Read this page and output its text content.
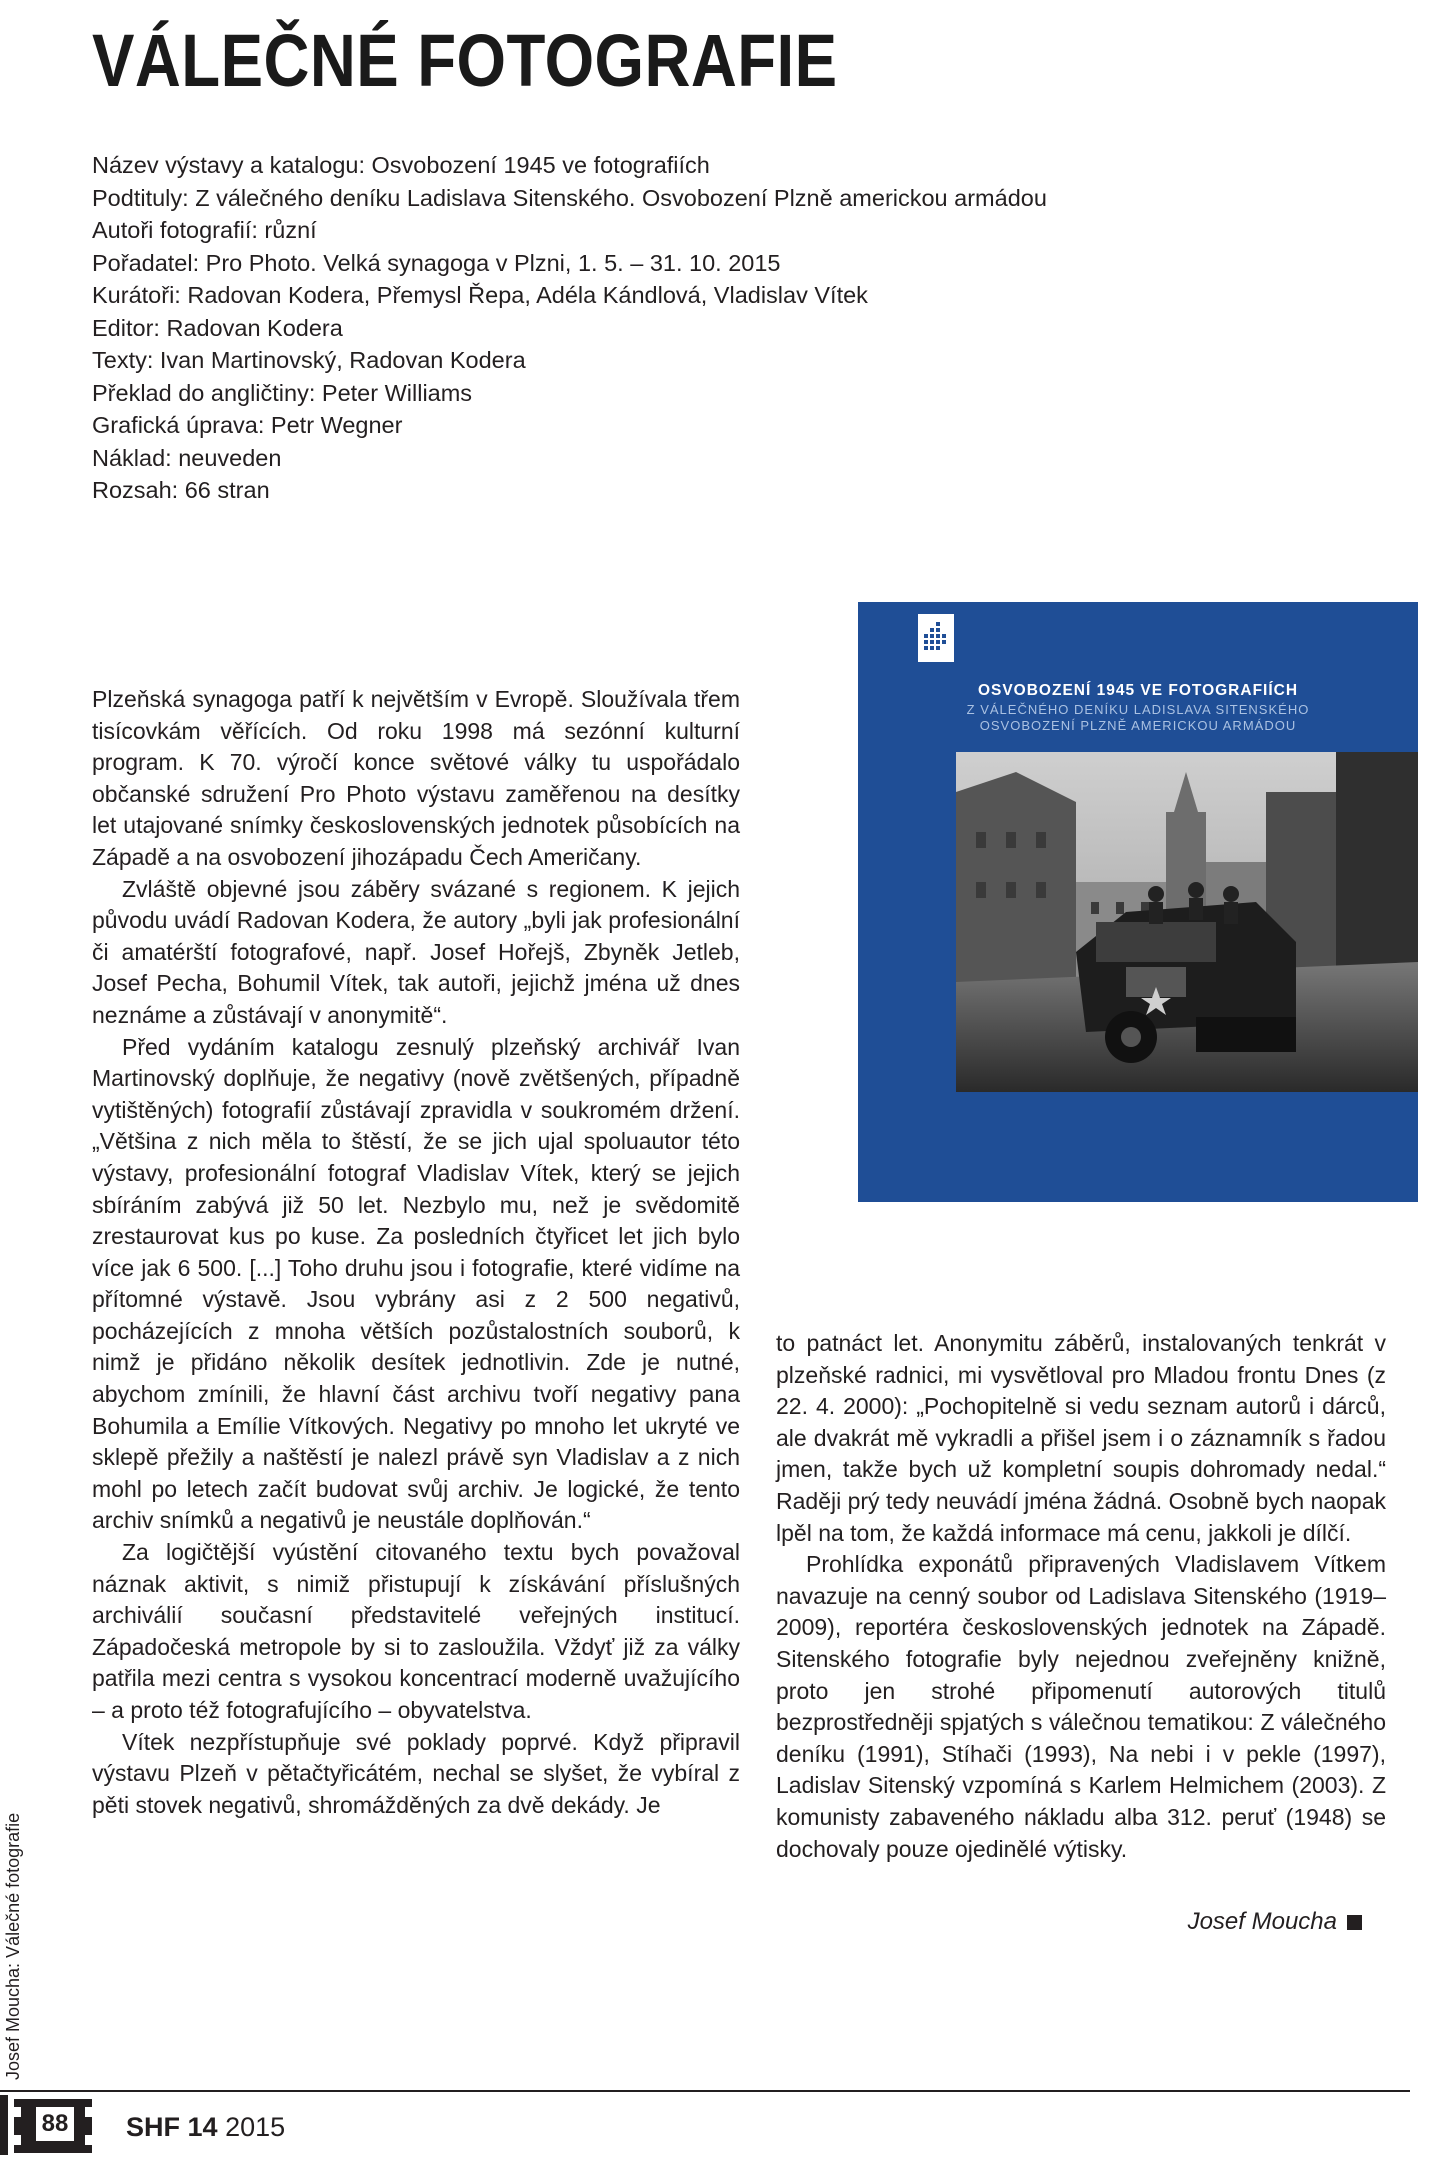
VÁLEČNÉ FOTOGRAFIE
Název výstavy a katalogu: Osvobození 1945 ve fotografiích
Podtituly: Z válečného deníku Ladislava Sitenského. Osvobození Plzně americkou armádou
Autoři fotografií: různí
Pořadatel: Pro Photo. Velká synagoga v Plzni, 1. 5. – 31. 10. 2015
Kurátoři: Radovan Kodera, Přemysl Řepa, Adéla Kándlová, Vladislav Vítek
Editor: Radovan Kodera
Texty: Ivan Martinovský, Radovan Kodera
Překlad do angličtiny: Peter Williams
Grafická úprava: Petr Wegner
Náklad: neuveden
Rozsah: 66 stran
OSVOBOZENÍ 1945 VE FOTOGRAFIÍCH
Z VÁLEČNÉHO DENÍKU LADISLAVA SITENSKÉHO
OSVOBOZENÍ PLZNĚ AMERICKOU ARMÁDOU

Plzeňská synagoga patří k největším v Evropě. Sloužívala třem tisícovkám věřících. Od roku 1998 má sezónní kulturní program. K 70. výročí konce světové války tu uspořádalo občanské sdružení Pro Photo výstavu zaměřenou na desítky let utajované snímky československých jednotek působících na Západě a na osvobození jihozápadu Čech Američany.

Zvláště objevné jsou záběry svázané s regionem. K jejich původu uvádí Radovan Kodera, že autory „byli jak profesionální či amatérští fotografové, např. Josef Hořejš, Zbyněk Jetleb, Josef Pecha, Bohumil Vítek, tak autoři, jejichž jména už dnes neznáme a zůstávají v anonymitě“.

Před vydáním katalogu zesnulý plzeňský archivář Ivan Martinovský doplňuje, že negativy (nově zvětšených, případně vytištěných) fotografií zůstávají zpravidla v soukromém držení. „Většina z nich měla to štěstí, že se jich ujal spoluautor této výstavy, profesionální fotograf Vladislav Vítek, který se jejich sbíráním zabývá již 50 let. Nezbylo mu, než je svědomitě zrestaurovat kus po kuse. Za posledních čtyřicet let jich bylo více jak 6 500. [...] Toho druhu jsou i fotografie, které vidíme na přítomné výstavě. Jsou vybrány asi z 2 500 negativů, pocházejících z mnoha větších pozůstalostních souborů, k nimž je přidáno několik desítek jednotlivin. Zde je nutné, abychom zmínili, že hlavní část archivu tvoří negativy pana Bohumila a Emílie Vítkových. Negativy po mnoho let ukryté ve sklepě přežily a naštěstí je nalezl právě syn Vladislav a z nich mohl po letech začít budovat svůj archiv. Je logické, že tento archiv snímků a negativů je neustále doplňován.“

Za logičtější vyústění citovaného textu bych považoval náznak aktivit, s nimiž přistupují k získávání příslušných archiválií současní představitelé veřejných institucí. Západočeská metropole by si to zasloužila. Vždyť již za války patřila mezi centra s vysokou koncentrací moderně uvažujícího – a proto též fotografujícího – obyvatelstva.

Vítek nezpřístupňuje své poklady poprvé. Když připravil výstavu Plzeň v pětačtyřicátém, nechal se slyšet, že vybíral z pěti stovek negativů, shromážděných za dvě dekády. Je

to patnáct let. Anonymitu záběrů, instalovaných tenkrát v plzeňské radnici, mi vysvětloval pro Mladou frontu Dnes (z 22. 4. 2000): „Pochopitelně si vedu seznam autorů i dárců, ale dvakrát mě vykradli a přišel jsem i o záznamník s řadou jmen, takže bych už kompletní soupis dohromady nedal.“ Raději prý tedy neuvádí jména žádná. Osobně bych naopak lpěl na tom, že každá informace má cenu, jakkoli je dílčí.

Prohlídka exponátů připravených Vladislavem Vítkem navazuje na cenný soubor od Ladislava Sitenského (1919–2009), reportéra československých jednotek na Západě. Sitenského fotografie byly nejednou zveřejněny knižně, proto jen strohé připomenutí autorových titulů bezprostředněji spjatých s válečnou tematikou: Z válečného deníku (1991), Stíhači (1993), Na nebi i v pekle (1997), Ladislav Sitenský vzpomíná s Karlem Helmichem (2003). Z komunisty zabaveného nákladu alba 312. peruť (1948) se dochovaly pouze ojedinělé výtisky.

Josef Moucha
Josef Moucha: Válečné fotografie
88 SHF 14 2015
